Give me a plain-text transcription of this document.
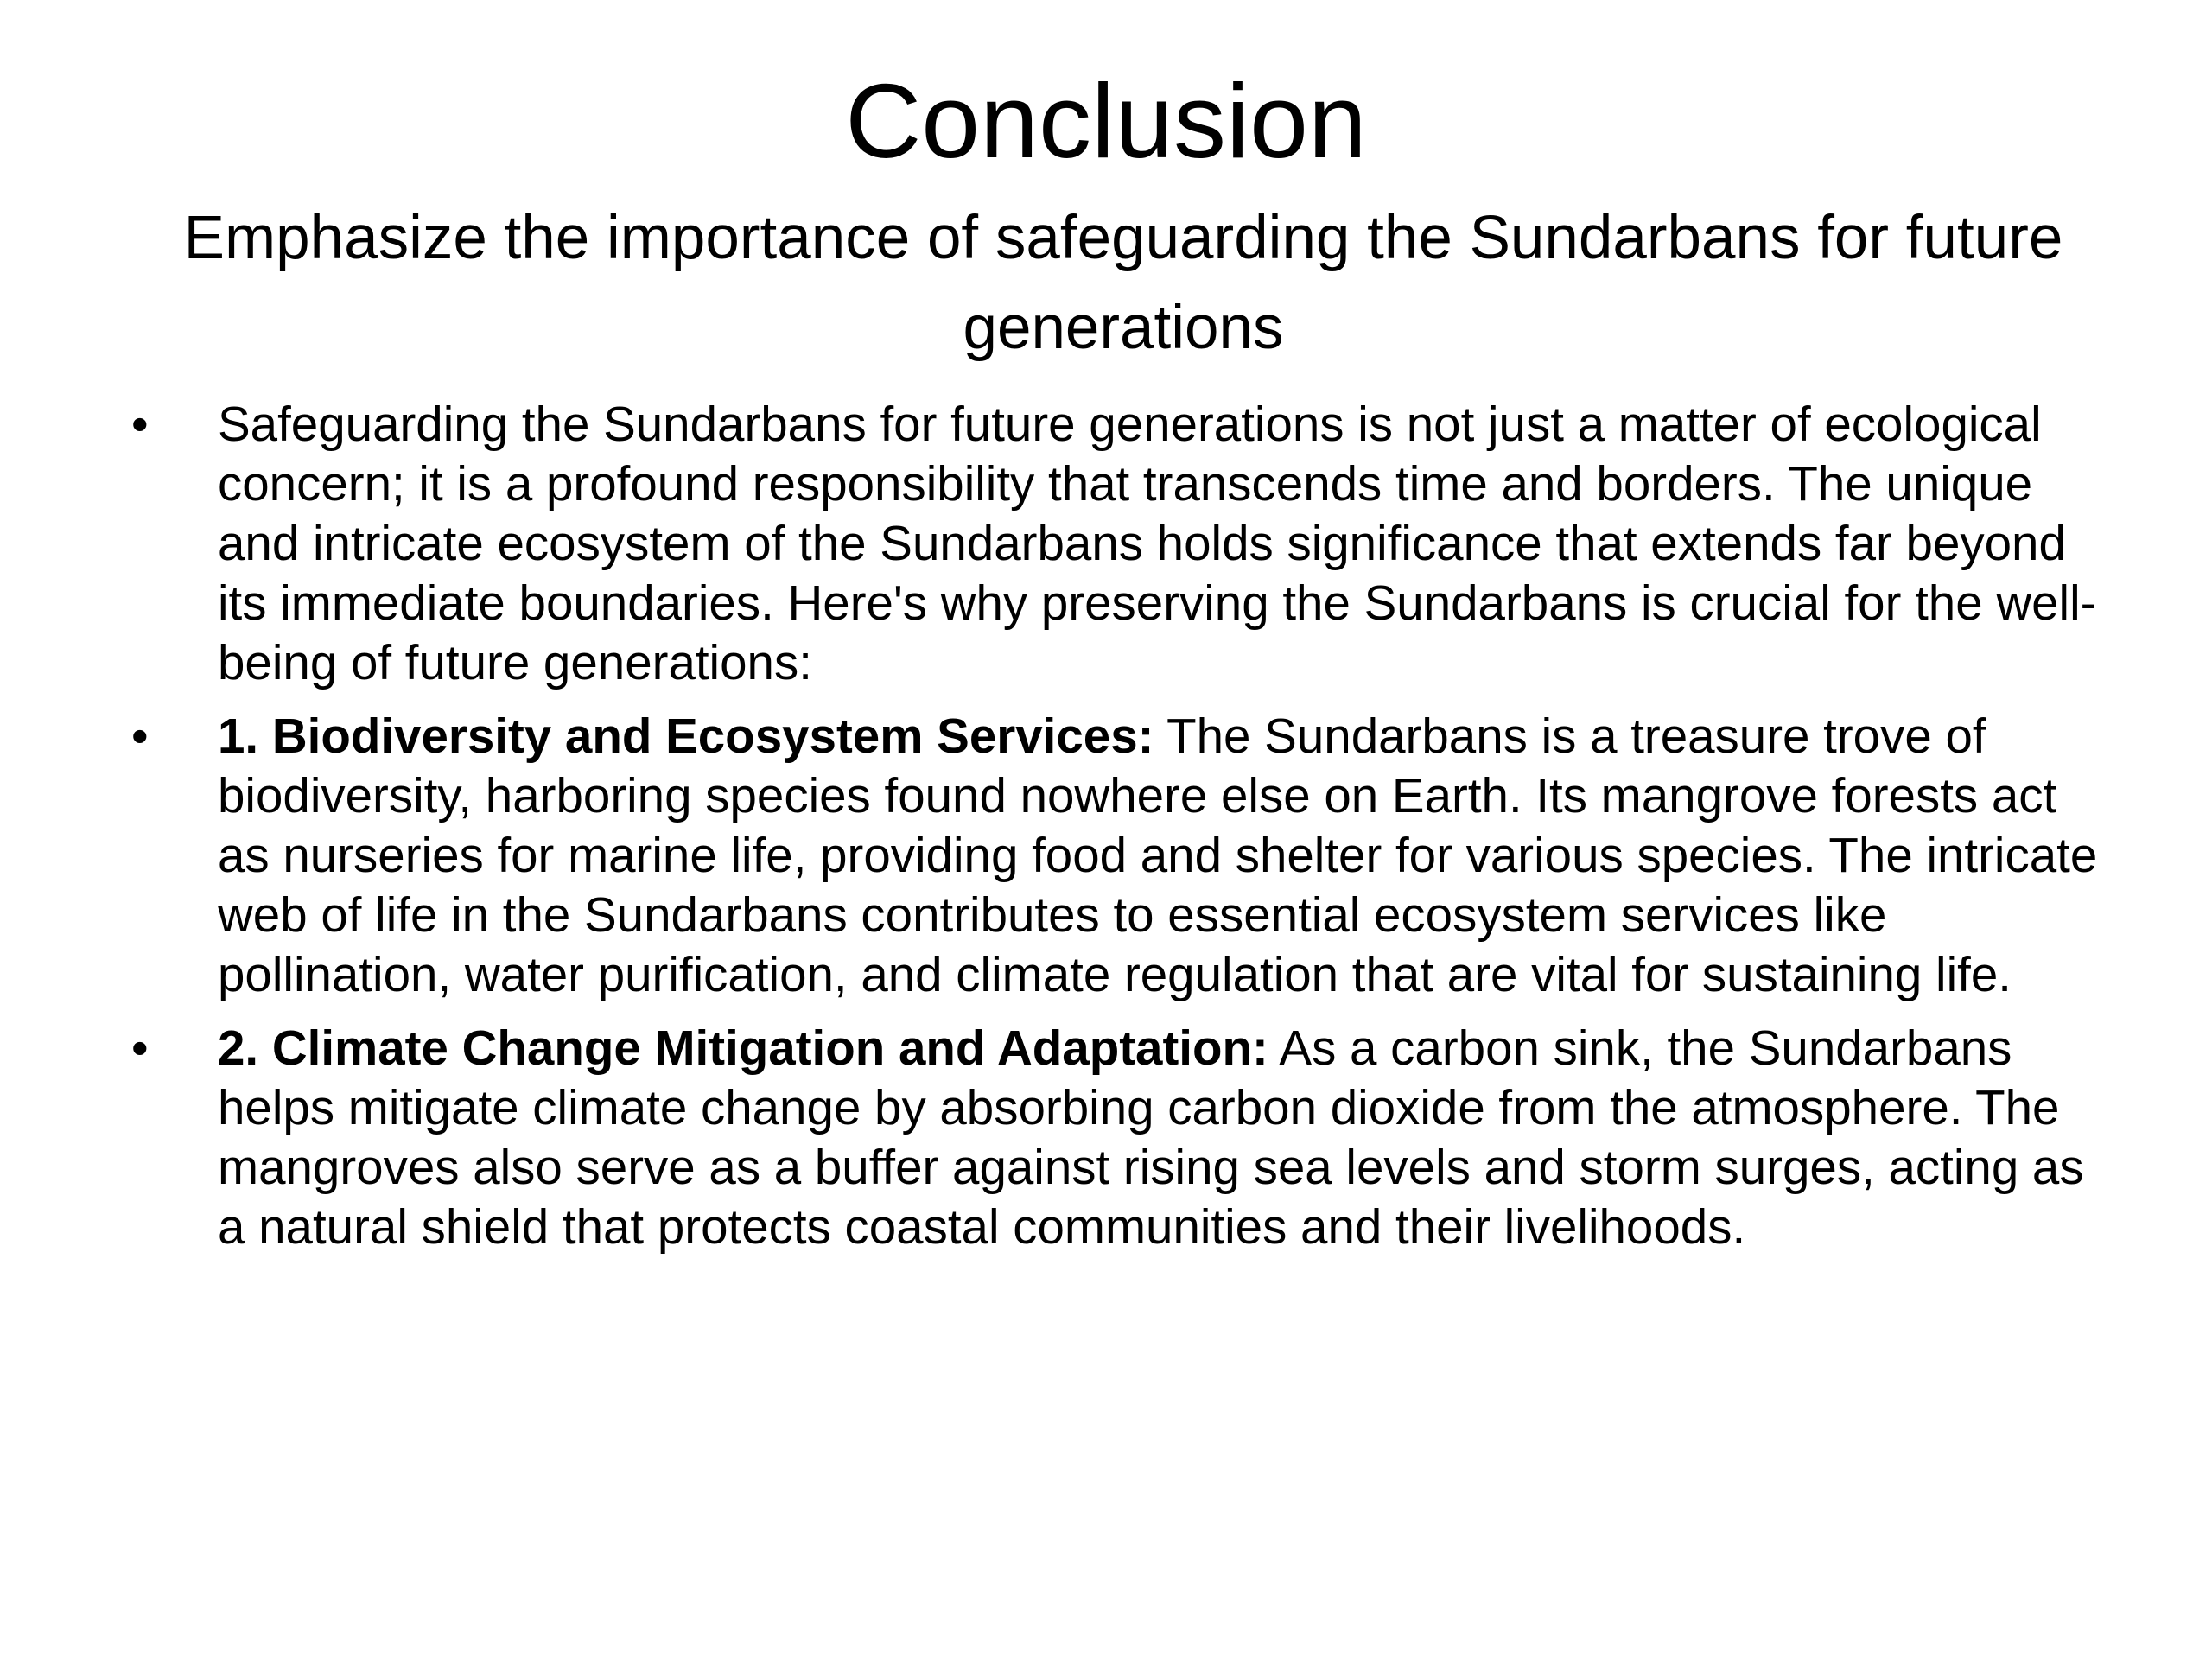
Conclusion

Emphasize the importance of safeguarding the Sundarbans for future generations

•	Safeguarding the Sundarbans for future generations is not just a matter of ecological concern; it is a profound responsibility that transcends time and borders. The unique and intricate ecosystem of the Sundarbans holds significance that extends far beyond its immediate boundaries. Here's why preserving the Sundarbans is crucial for the well-being of future generations:
•	1. Biodiversity and Ecosystem Services: The Sundarbans is a treasure trove of biodiversity, harboring species found nowhere else on Earth. Its mangrove forests act as nurseries for marine life, providing food and shelter for various species. The intricate web of life in the Sundarbans contributes to essential ecosystem services like pollination, water purification, and climate regulation that are vital for sustaining life.
•	2. Climate Change Mitigation and Adaptation: As a carbon sink, the Sundarbans helps mitigate climate change by absorbing carbon dioxide from the atmosphere. The mangroves also serve as a buffer against rising sea levels and storm surges, acting as a natural shield that protects coastal communities and their livelihoods.
